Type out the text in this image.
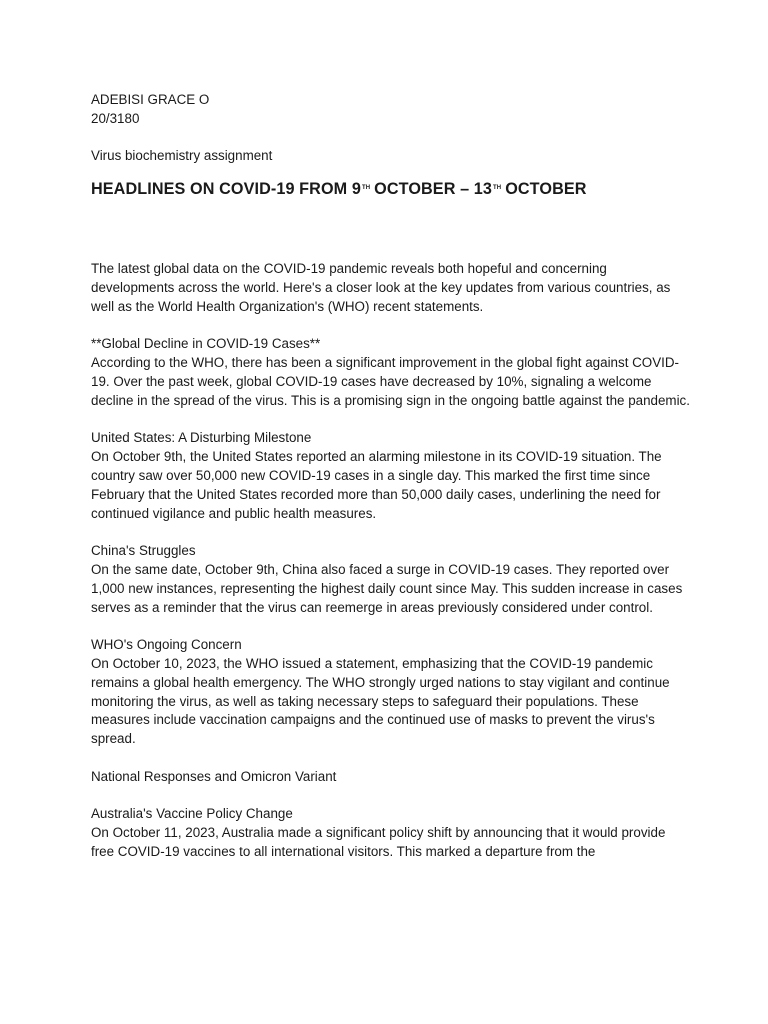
ADEBISI GRACE O

20/3180

Virus biochemistry assignment

HEADLINES ON COVID-19 FROM 9TH OCTOBER – 13TH OCTOBER

The latest global data on the COVID-19 pandemic reveals both hopeful and concerning developments across the world. Here's a closer look at the key updates from various countries, as well as the World Health Organization's (WHO) recent statements.

**Global Decline in COVID-19 Cases**

According to the WHO, there has been a significant improvement in the global fight against COVID-19. Over the past week, global COVID-19 cases have decreased by 10%, signaling a welcome decline in the spread of the virus. This is a promising sign in the ongoing battle against the pandemic.

United States: A Disturbing Milestone

On October 9th, the United States reported an alarming milestone in its COVID-19 situation. The country saw over 50,000 new COVID-19 cases in a single day. This marked the first time since February that the United States recorded more than 50,000 daily cases, underlining the need for continued vigilance and public health measures.

China's Struggles

On the same date, October 9th, China also faced a surge in COVID-19 cases. They reported over 1,000 new instances, representing the highest daily count since May. This sudden increase in cases serves as a reminder that the virus can reemerge in areas previously considered under control.

WHO's Ongoing Concern

On October 10, 2023, the WHO issued a statement, emphasizing that the COVID-19 pandemic remains a global health emergency. The WHO strongly urged nations to stay vigilant and continue monitoring the virus, as well as taking necessary steps to safeguard their populations. These measures include vaccination campaigns and the continued use of masks to prevent the virus's spread.

National Responses and Omicron Variant

Australia's Vaccine Policy Change

On October 11, 2023, Australia made a significant policy shift by announcing that it would provide free COVID-19 vaccines to all international visitors. This marked a departure from the
